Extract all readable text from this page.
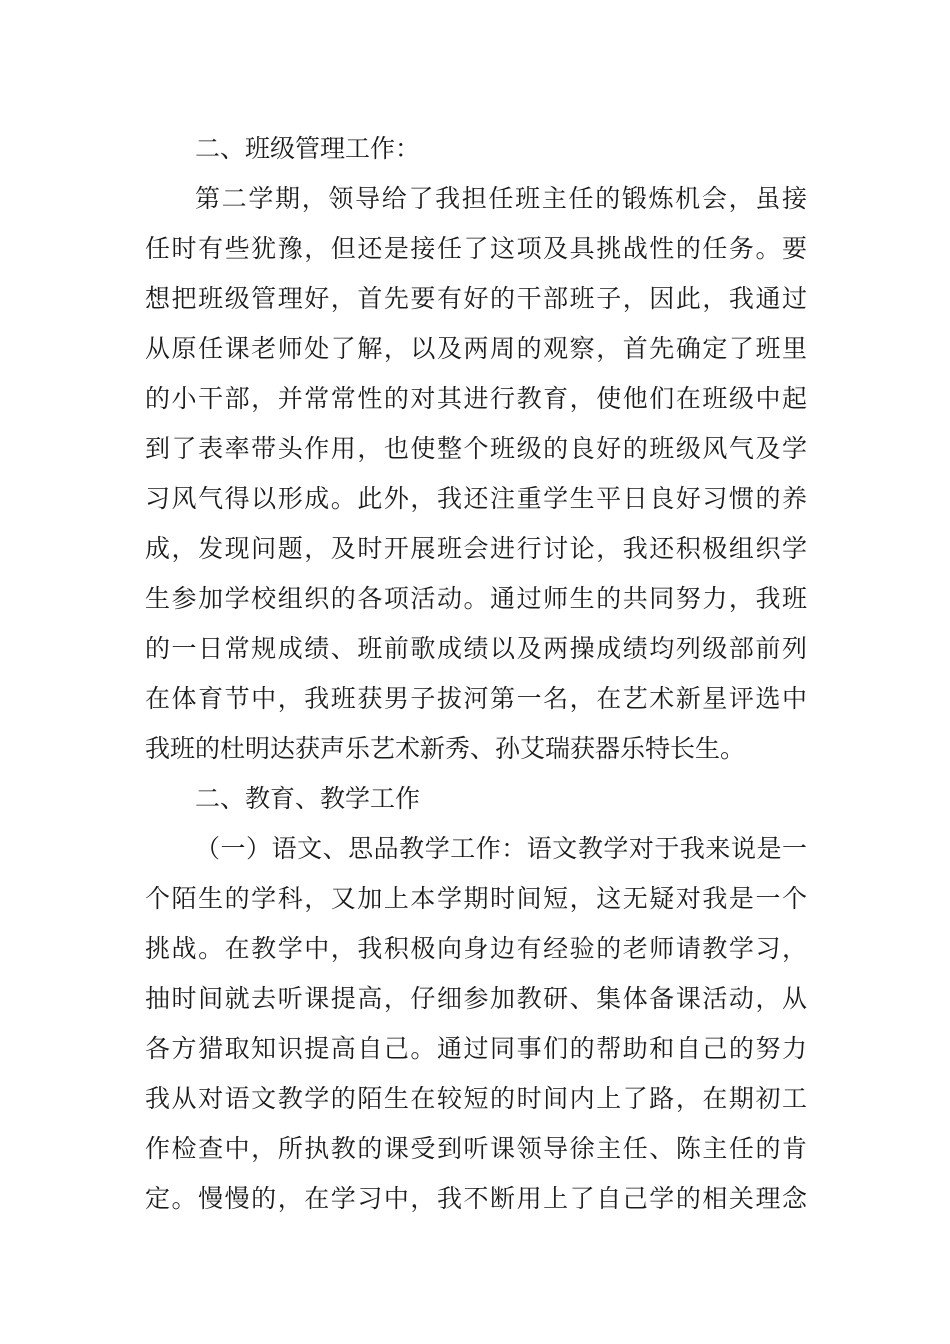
二、班级管理工作：
第二学期，领导给了我担任班主任的锻炼机会，虽接
任时有些犹豫，但还是接任了这项及具挑战性的任务。要
想把班级管理好，首先要有好的干部班子，因此，我通过
从原任课老师处了解，以及两周的观察，首先确定了班里
的小干部，并常常性的对其进行教育，使他们在班级中起
到了表率带头作用，也使整个班级的良好的班级风气及学
习风气得以形成。此外，我还注重学生平日良好习惯的养
成，发现问题，及时开展班会进行讨论，我还积极组织学
生参加学校组织的各项活动。通过师生的共同努力，我班
的一日常规成绩、班前歌成绩以及两操成绩均列级部前列
在体育节中，我班获男子拔河第一名，在艺术新星评选中
我班的杜明达获声乐艺术新秀、孙艾瑞获器乐特长生。
二、教育、教学工作
（一）语文、思品教学工作：语文教学对于我来说是一
个陌生的学科，又加上本学期时间短，这无疑对我是一个
挑战。在教学中，我积极向身边有经验的老师请教学习，
抽时间就去听课提高，仔细参加教研、集体备课活动，从
各方猎取知识提高自己。通过同事们的帮助和自己的努力
我从对语文教学的陌生在较短的时间内上了路，在期初工
作检查中，所执教的课受到听课领导徐主任、陈主任的肯
定。慢慢的，在学习中，我不断用上了自己学的相关理念
